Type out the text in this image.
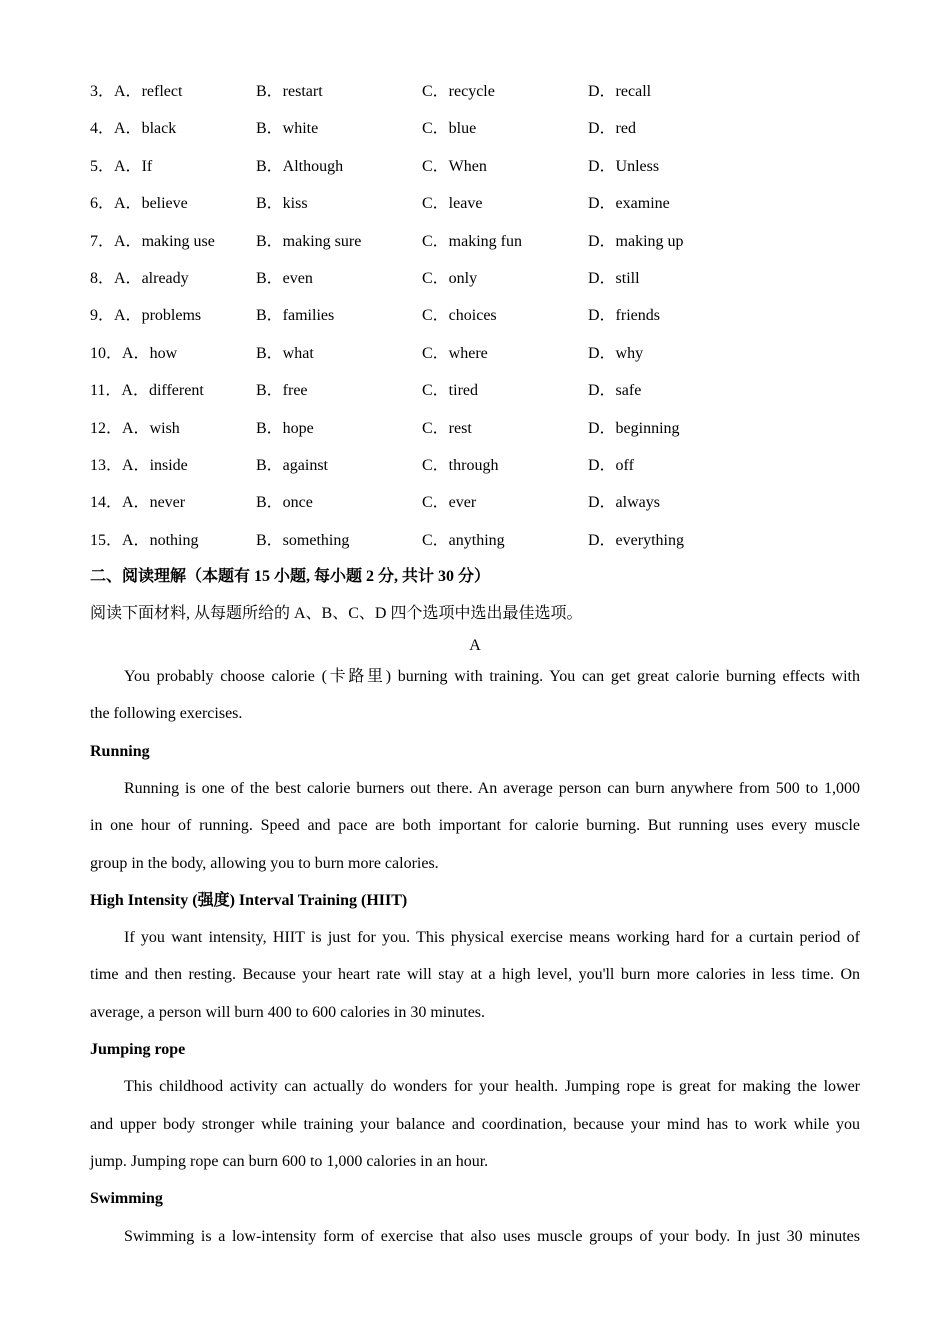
3．A．reflect	B．restart	C．recycle	D．recall
4．A．black	B．white	C．blue	D．red
5．A．If	B．Although	C．When	D．Unless
6．A．believe	B．kiss	C．leave	D．examine
7．A．making use	B．making sure	C．making fun	D．making up
8．A．already	B．even	C．only	D．still
9．A．problems	B．families	C．choices	D．friends
10．A．how	B．what	C．where	D．why
11．A．different	B．free	C．tired	D．safe
12．A．wish	B．hope	C．rest	D．beginning
13．A．inside	B．against	C．through	D．off
14．A．never	B．once	C．ever	D．always
15．A．nothing	B．something	C．anything	D．everything
二、阅读理解（本题有 15 小题, 每小题 2 分, 共计 30 分）
阅读下面材料, 从每题所给的 A、B、C、D 四个选项中选出最佳选项。
A
You probably choose calorie (卡路里) burning with training. You can get great calorie burning effects with
the following exercises.
Running
Running is one of the best calorie burners out there. An average person can burn anywhere from 500 to 1,000
in one hour of running. Speed and pace are both important for calorie burning. But running uses every muscle
group in the body, allowing you to burn more calories.
High Intensity (强度) Interval Training (HIIT)
If you want intensity, HIIT is just for you. This physical exercise means working hard for a curtain period of
time and then resting. Because your heart rate will stay at a high level, you'll burn more calories in less time. On
average, a person will burn 400 to 600 calories in 30 minutes.
Jumping rope
This childhood activity can actually do wonders for your health. Jumping rope is great for making the lower
and upper body stronger while training your balance and coordination, because your mind has to work while you
jump. Jumping rope can burn 600 to 1,000 calories in an hour.
Swimming
Swimming is a low-intensity form of exercise that also uses muscle groups of your body. In just 30 minutes
